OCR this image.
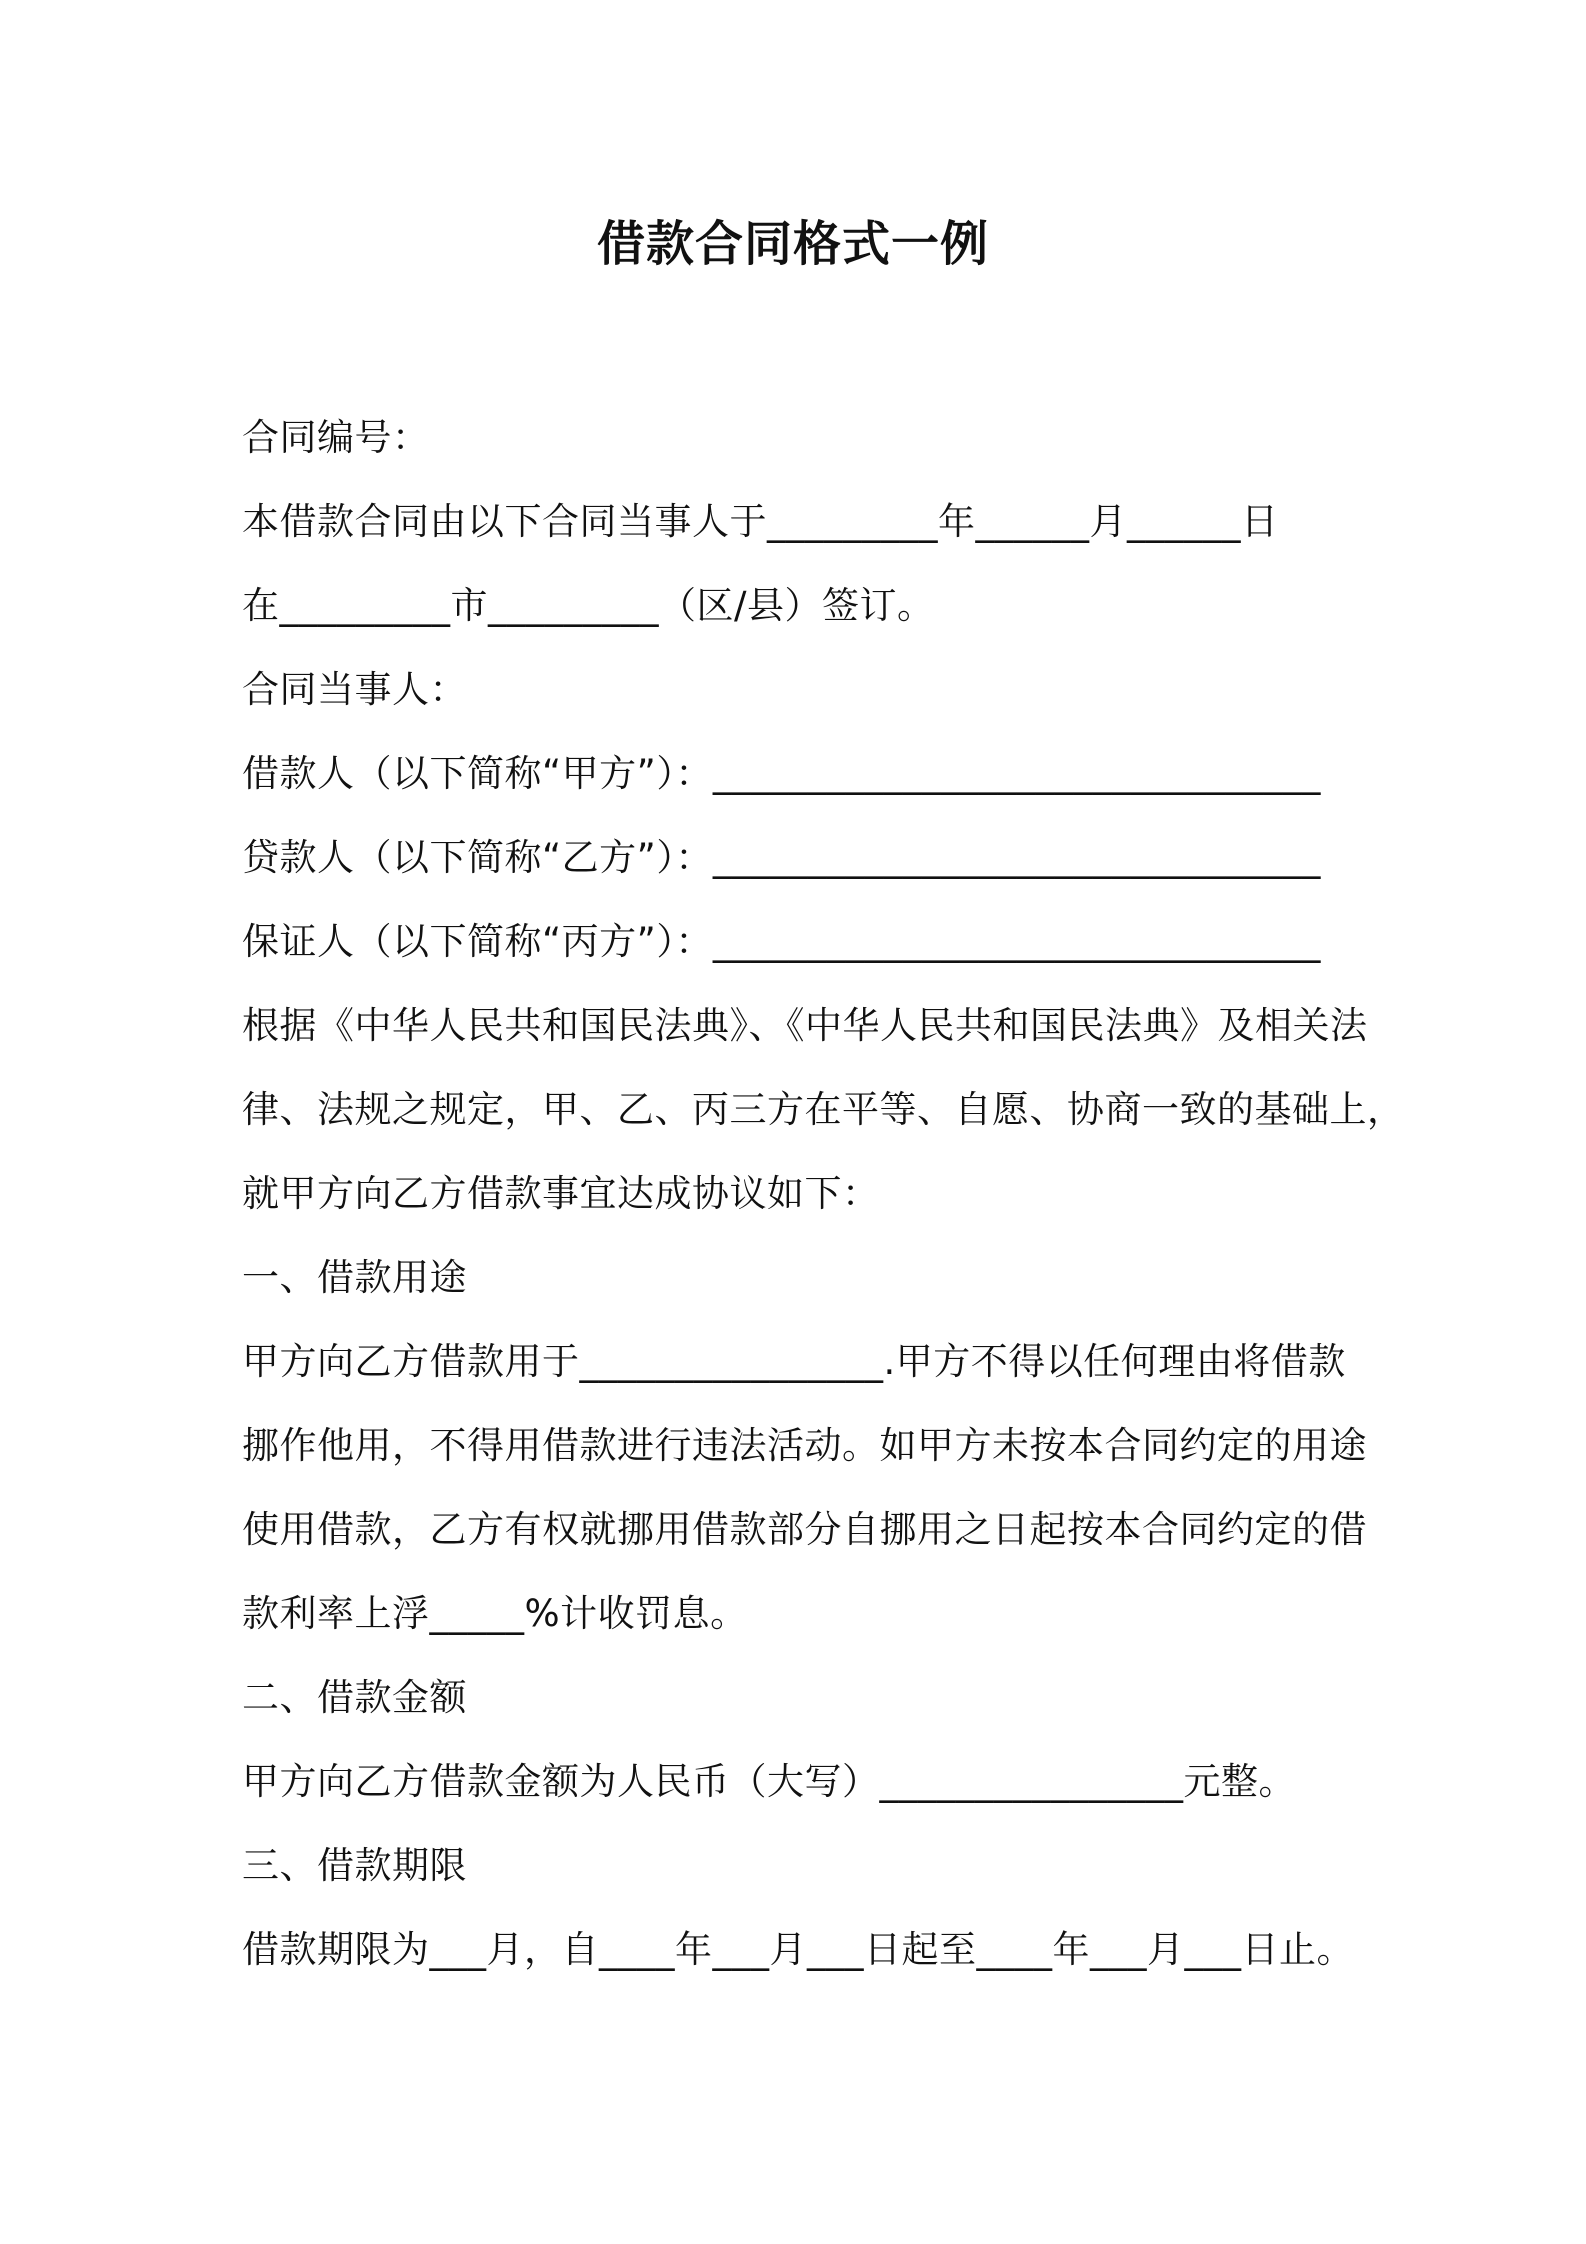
借款合同格式一例
合同编号：
本借款合同由以下合同当事人于_________年______月______日
在_________市_________（区/县）签订。
合同当事人：
借款人（以下简称“甲方”）：________________________________
贷款人（以下简称“乙方”）：________________________________
保证人（以下简称“丙方”）：________________________________
根据《中华人民共和国民法典》、《中华人民共和国民法典》及相关法
律、法规之规定，甲、乙、丙三方在平等、自愿、协商一致的基础上，
就甲方向乙方借款事宜达成协议如下：
一、借款用途
甲方向乙方借款用于________________.甲方不得以任何理由将借款
挪作他用，不得用借款进行违法活动。如甲方未按本合同约定的用途
使用借款，乙方有权就挪用借款部分自挪用之日起按本合同约定的借
款利率上浮_____%计收罚息。
二、借款金额
甲方向乙方借款金额为人民币（大写）________________元整。
三、借款期限
借款期限为___月，自____年___月___日起至____年___月___日止。
